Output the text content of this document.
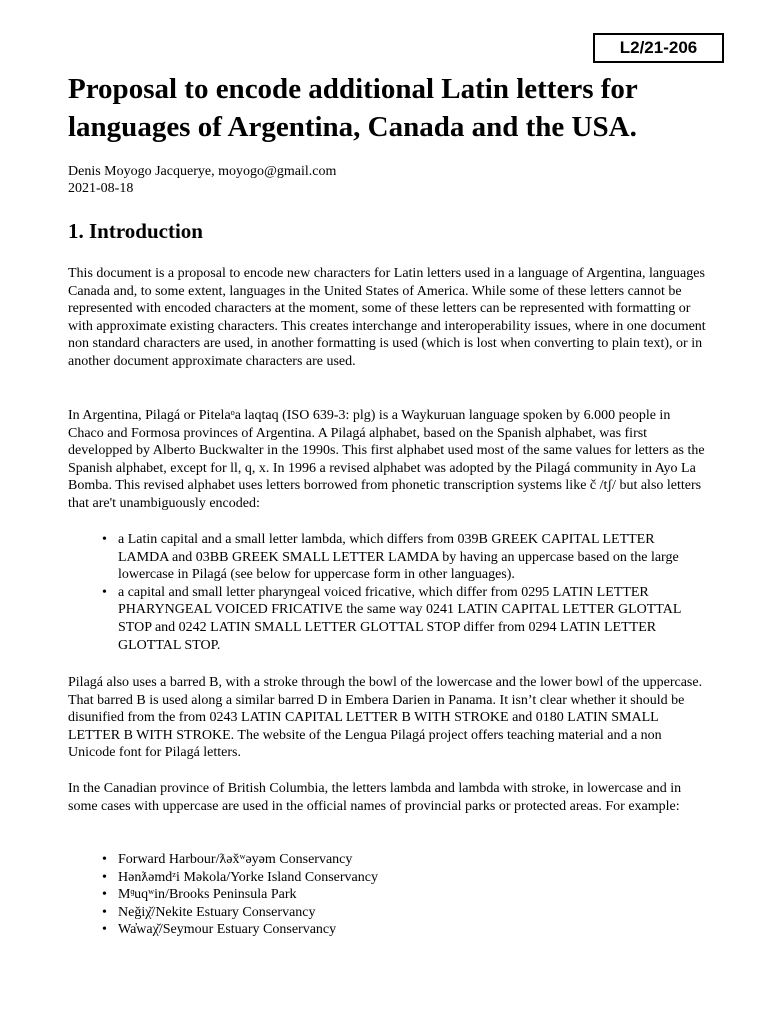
L2/21-206
Proposal to encode additional Latin letters for languages of Argentina, Canada and the USA.
Denis Moyogo Jacquerye, moyogo@gmail.com
2021-08-18
1. Introduction

This document is a proposal to encode new characters for Latin letters used in a language of Argentina, languages Canada and, to some extent, languages in the United States of America. While some of these letters cannot be represented with encoded characters at the moment, some of these letters can be represented with formatting or with approximate existing characters. This creates interchange and interoperability issues, where in one document non standard characters are used, in another formatting is used (which is lost when converting to plain text), or in another document approximate characters are used.

In Argentina, Pilagá or Pitelaᵒa laqtaq (ISO 639-3: plg) is a Waykuruan language spoken by 6.000 people in Chaco and Formosa provinces of Argentina. A Pilagá alphabet, based on the Spanish alphabet, was first developped by Alberto Buckwalter in the 1990s. This first alphabet used most of the same values for letters as the Spanish alphabet, except for ll, q, x. In 1996 a revised alphabet was adopted by the Pilagá community in Ayo La Bomba. This revised alphabet uses letters borrowed from phonetic transcription systems like č /tʃ/ but also letters that are't unambiguously encoded:

• a Latin capital and a small letter lambda, which differs from 039B GREEK CAPITAL LETTER LAMDA and 03BB GREEK SMALL LETTER LAMDA by having an uppercase based on the large lowercase in Pilagá (see below for uppercase form in other languages).
• a capital and small letter pharyngeal voiced fricative, which differ from 0295 LATIN LETTER PHARYNGEAL VOICED FRICATIVE the same way 0241 LATIN CAPITAL LETTER GLOTTAL STOP and 0242 LATIN SMALL LETTER GLOTTAL STOP differ from 0294 LATIN LETTER GLOTTAL STOP.

Pilagá also uses a barred B, with a stroke through the bowl of the lowercase and the lower bowl of the uppercase. That barred B is used along a similar barred D in Embera Darien in Panama. It isn’t clear whether it should be disunified from the from 0243 LATIN CAPITAL LETTER B WITH STROKE and 0180 LATIN SMALL LETTER B WITH STROKE. The website of the Lengua Pilagá project offers teaching material and a non Unicode font for Pilagá letters.

In the Canadian province of British Columbia, the letters lambda and lambda with stroke, in lowercase and in some cases with uppercase are used in the official names of provincial parks or protected areas. For example:

• Forward Harbour/ƛəx̌ʷəyəm Conservancy
• Hənƛəmdᶻi Məkola/Yorke Island Conservancy
• Mᶢuqʷin/Brooks Peninsula Park
• Neğiχ̌/Nekite Estuary Conservancy
• Wa̓waχ̌/Seymour Estuary Conservancy
